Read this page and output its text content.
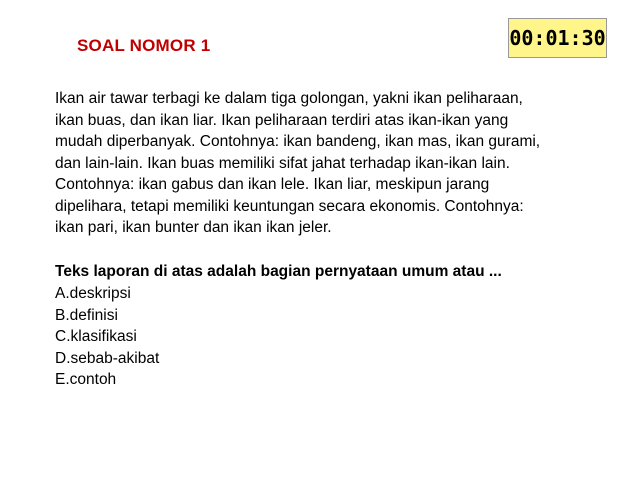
SOAL NOMOR 1	00:01:30
Ikan air tawar terbagi ke dalam tiga golongan, yakni ikan peliharaan,
ikan buas, dan ikan liar. Ikan peliharaan terdiri atas ikan-ikan yang
mudah diperbanyak. Contohnya: ikan bandeng, ikan mas, ikan gurami,
dan lain-lain. Ikan buas memiliki sifat jahat terhadap ikan-ikan lain.
Contohnya: ikan gabus dan ikan lele. Ikan liar, meskipun jarang
dipelihara, tetapi memiliki keuntungan secara ekonomis. Contohnya:
ikan pari, ikan bunter dan ikan ikan jeler.
Teks laporan di atas adalah bagian pernyataan umum atau ...
A.deskripsi
B.definisi
C.klasifikasi
D.sebab-akibat
E.contoh
